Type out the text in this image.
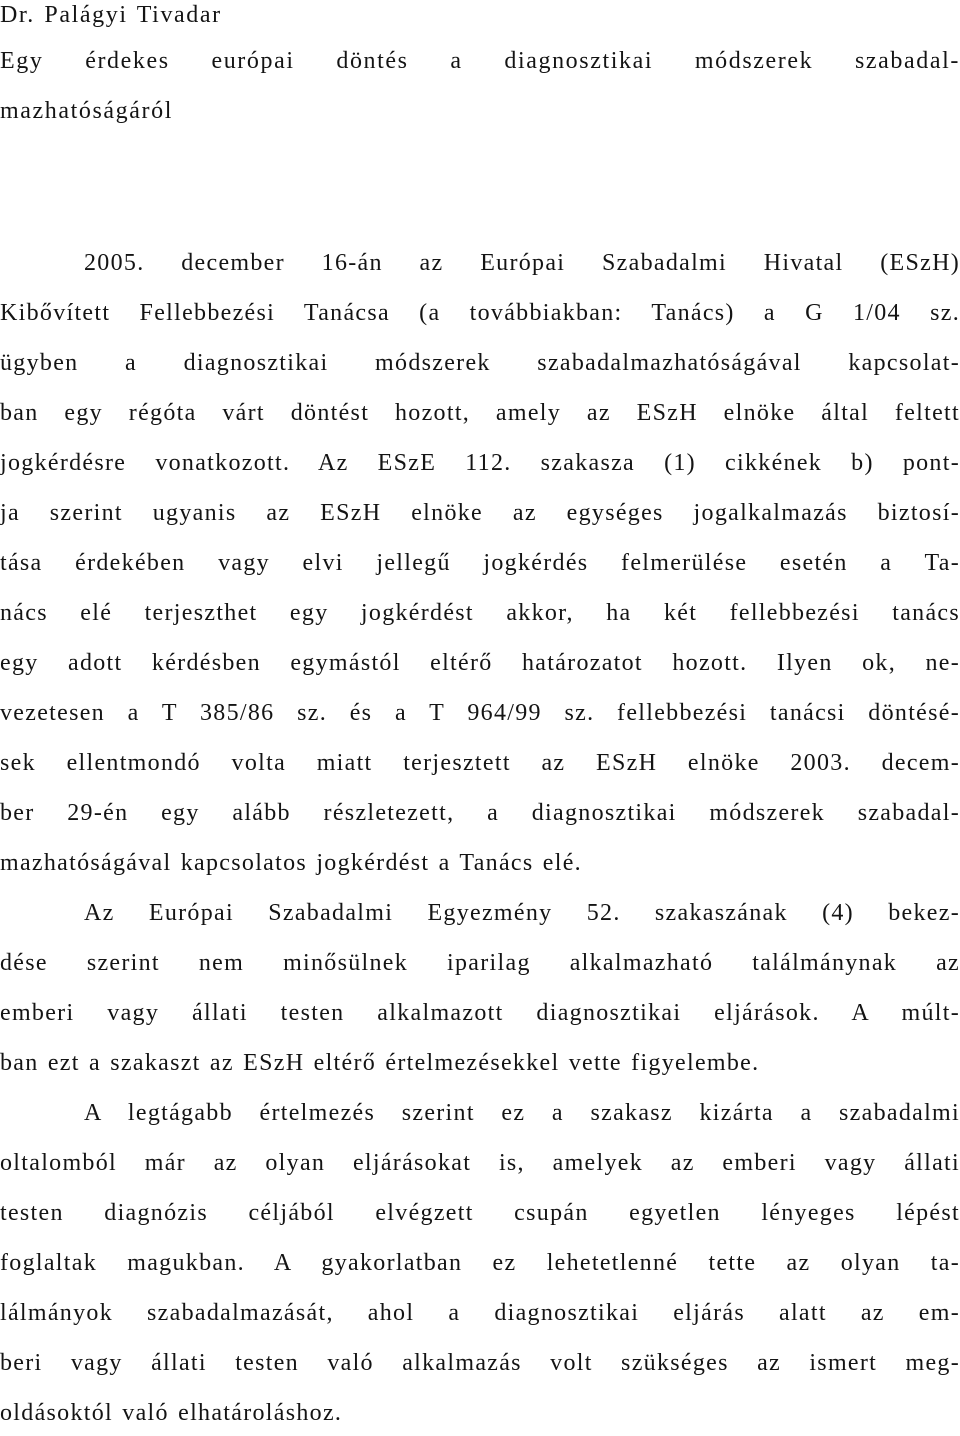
Dr. Palágyi Tivadar
Egy érdekes európai döntés a diagnosztikai módszerek szabadal-
mazhatóságáról
2005. december 16-án az Európai Szabadalmi Hivatal (ESzH)
Kibővített Fellebbezési Tanácsa (a továbbiakban: Tanács) a G 1/04 sz.
ügyben a diagnosztikai módszerek szabadalmazhatóságával kapcsolat-
ban egy régóta várt döntést hozott, amely az ESzH elnöke által feltett
jogkérdésre vonatkozott. Az ESzE 112. szakasza (1) cikkének b) pont-
ja szerint ugyanis az ESzH elnöke az egységes jogalkalmazás biztosí-
tása érdekében vagy elvi jellegű jogkérdés felmerülése esetén a Ta-
nács elé terjeszthet egy jogkérdést akkor, ha két fellebbezési tanács
egy adott kérdésben egymástól eltérő határozatot hozott. Ilyen ok, ne-
vezetesen a T 385/86 sz. és a T 964/99 sz. fellebbezési tanácsi döntésé-
sek ellentmondó volta miatt terjesztett az ESzH elnöke 2003. decem-
ber 29-én egy alább részletezett, a diagnosztikai módszerek szabadal-
mazhatóságával kapcsolatos jogkérdést a Tanács elé.
Az Európai Szabadalmi Egyezmény 52. szakaszának (4) bekez-
dése szerint nem minősülnek iparilag alkalmazható találmánynak az
emberi vagy állati testen alkalmazott diagnosztikai eljárások. A múlt-
ban ezt a szakaszt az ESzH eltérő értelmezésekkel vette figyelembe.
A legtágabb értelmezés szerint ez a szakasz kizárta a szabadalmi
oltalomból már az olyan eljárásokat is, amelyek az emberi vagy állati
testen diagnózis céljából elvégzett csupán egyetlen lényeges lépést
foglaltak magukban. A gyakorlatban ez lehetetlenné tette az olyan ta-
lálmányok szabadalmazását, ahol a diagnosztikai eljárás alatt az em-
beri vagy állati testen való alkalmazás volt szükséges az ismert meg-
oldásoktól való elhatároláshoz.
